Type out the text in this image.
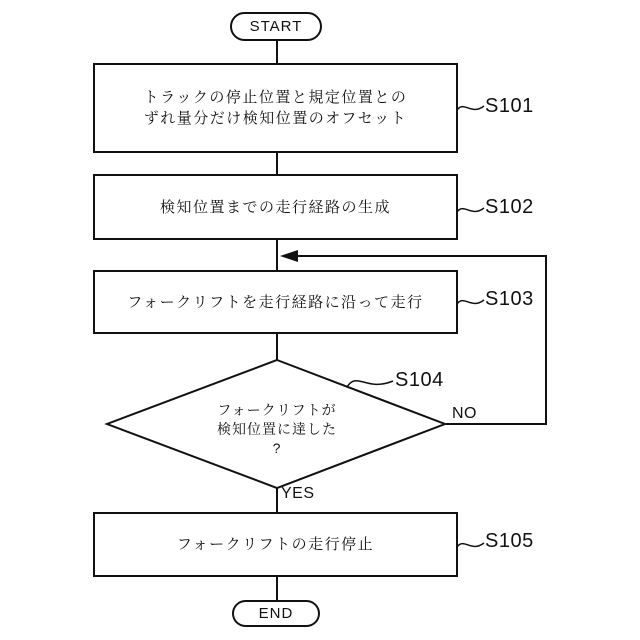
START
トラックの停止位置と規定位置との
ずれ量分だけ検知位置のオフセット
S101
検知位置までの走行経路の生成	S102
フォークリフトを走行経路に沿って走行	S103
フォークリフトが
検知位置に達した
?
S104
NO
YES
フォークリフトの走行停止	S105
END
